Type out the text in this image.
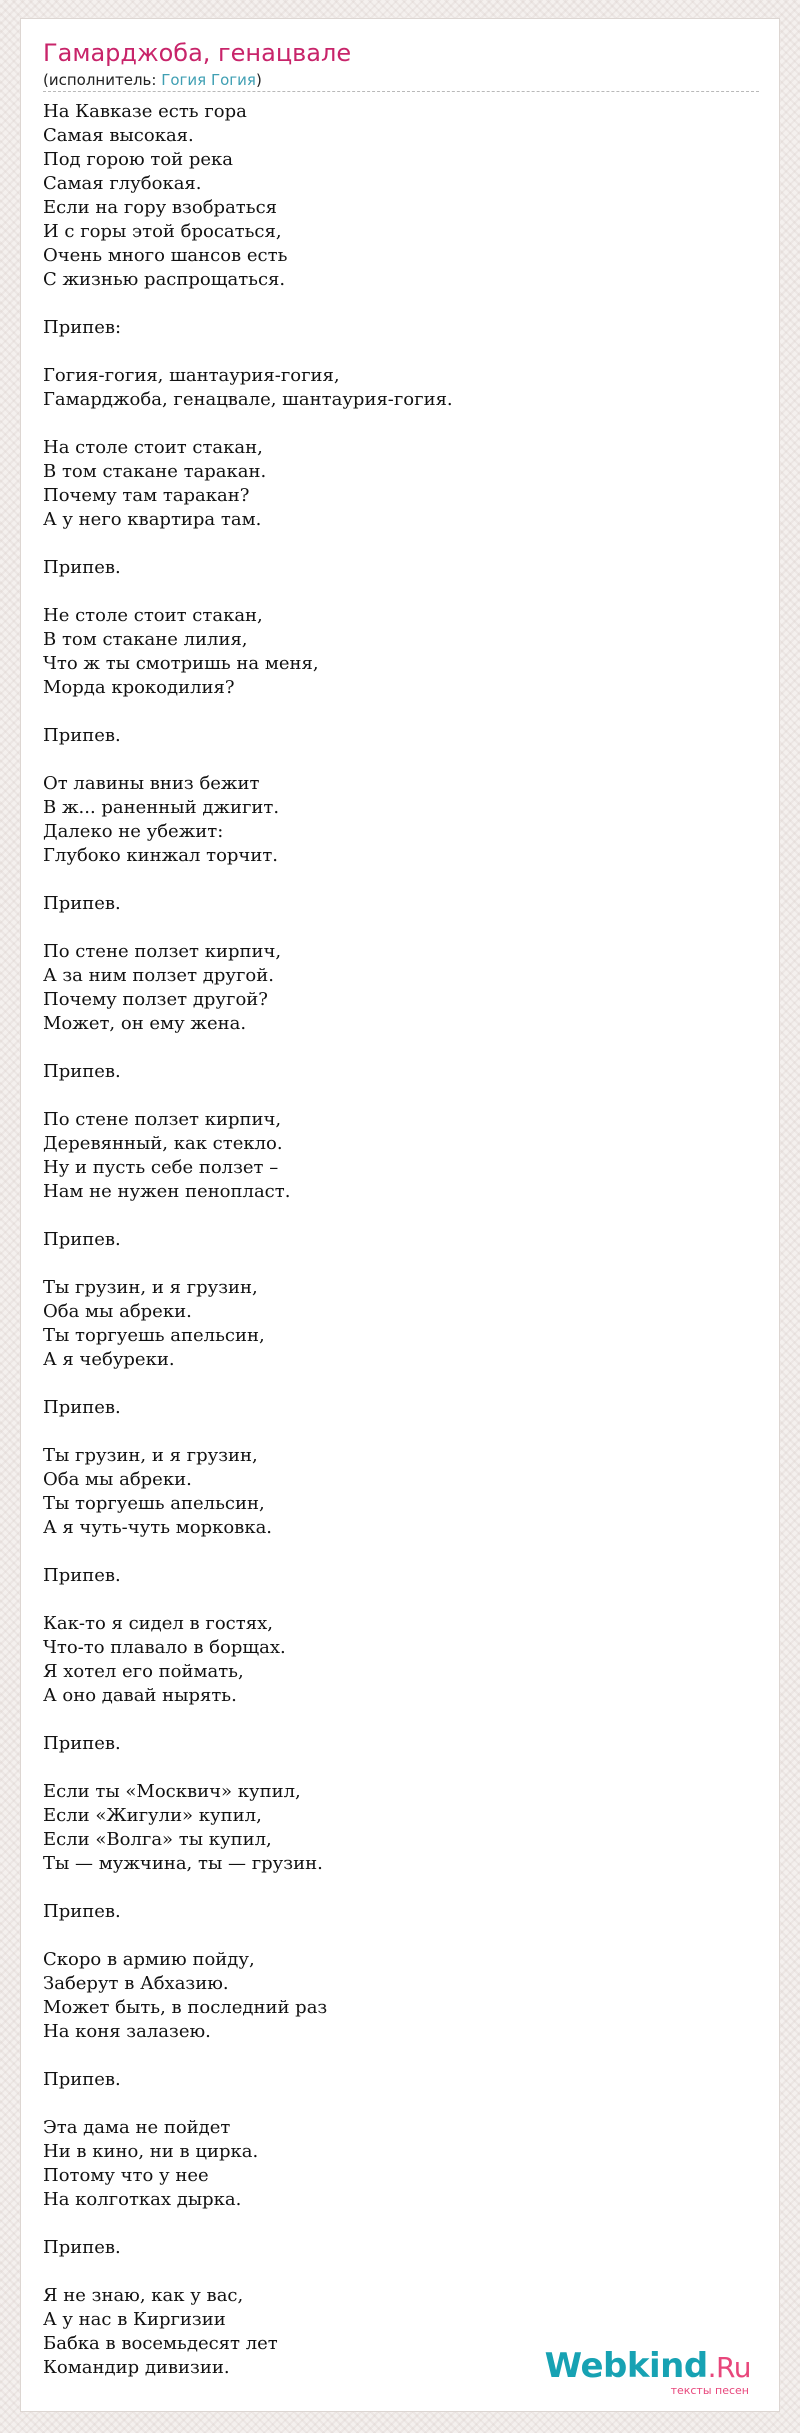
Гамарджоба, генацвале
(исполнитель: Гогия Гогия)
На Кавказе есть гора
Самая высокая.
Под горою той река
Самая глубокая.
Если на гору взобраться
И с горы этой бросаться,
Очень много шансов есть
С жизнью распрощаться.

Припев:

Гогия-гогия, шантаурия-гогия,
Гамарджоба, генацвале, шантаурия-гогия.

На столе стоит стакан,
В том стакане таракан.
Почему там таракан?
А у него квартира там.

Припев.

Не столе стоит стакан,
В том стакане лилия,
Что ж ты смотришь на меня,
Морда крокодилия?

Припев.

От лавины вниз бежит
В ж... раненный джигит.
Далеко не убежит:
Глубоко кинжал торчит.

Припев.

По стене ползет кирпич,
А за ним ползет другой.
Почему ползет другой?
Может, он ему жена.

Припев.

По стене ползет кирпич,
Деревянный, как стекло.
Ну и пусть себе ползет –
Нам не нужен пенопласт.

Припев.

Ты грузин, и я грузин,
Оба мы абреки.
Ты торгуешь апельсин,
А я чебуреки.

Припев.

Ты грузин, и я грузин,
Оба мы абреки.
Ты торгуешь апельсин,
А я чуть-чуть морковка.

Припев.

Как-то я сидел в гостях,
Что-то плавало в борщах.
Я хотел его поймать,
А оно давай нырять.

Припев.

Если ты «Москвич» купил,
Если «Жигули» купил,
Если «Волга» ты купил,
Ты — мужчина, ты — грузин.

Припев.

Скоро в армию пойду,
Заберут в Абхазию.
Может быть, в последний раз
На коня залазею.

Припев.

Эта дама не пойдет
Ни в кино, ни в цирка.
Потому что у нее
На колготках дырка.

Припев.

Я не знаю, как у вас,
А у нас в Киргизии
Бабка в восемьдесят лет
Командир дивизии.	Webkind.Ru
тексты песен
